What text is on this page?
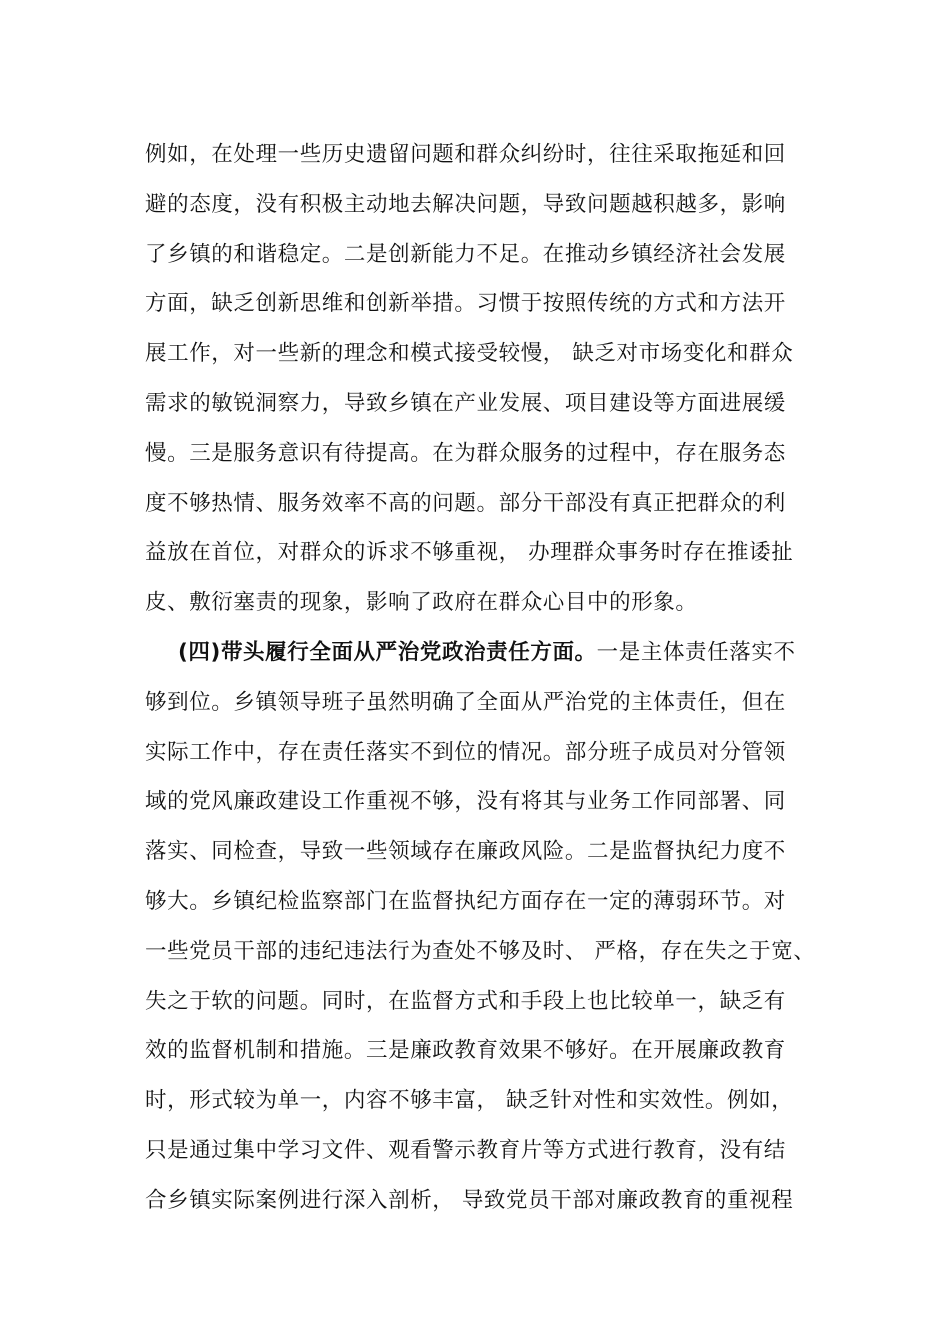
例如，在处理一些历史遗留问题和群众纠纷时，往往采取拖延和回
避的态度，没有积极主动地去解决问题，导致问题越积越多，影响
了乡镇的和谐稳定。二是创新能力不足。在推动乡镇经济社会发展
方面，缺乏创新思维和创新举措。习惯于按照传统的方式和方法开
展工作，对一些新的理念和模式接受较慢， 缺乏对市场变化和群众
需求的敏锐洞察力，导致乡镇在产业发展、项目建设等方面进展缓
慢。三是服务意识有待提高。在为群众服务的过程中，存在服务态
度不够热情、服务效率不高的问题。部分干部没有真正把群众的利
益放在首位，对群众的诉求不够重视， 办理群众事务时存在推诿扯
皮、敷衍塞责的现象，影响了政府在群众心目中的形象。
(四)带头履行全面从严治党政治责任方面。一是主体责任落实不
够到位。乡镇领导班子虽然明确了全面从严治党的主体责任，但在
实际工作中，存在责任落实不到位的情况。部分班子成员对分管领
域的党风廉政建设工作重视不够，没有将其与业务工作同部署、同
落实、同检查，导致一些领域存在廉政风险。二是监督执纪力度不
够大。乡镇纪检监察部门在监督执纪方面存在一定的薄弱环节。对
一些党员干部的违纪违法行为查处不够及时、 严格，存在失之于宽、
失之于软的问题。同时，在监督方式和手段上也比较单一，缺乏有
效的监督机制和措施。三是廉政教育效果不够好。在开展廉政教育
时，形式较为单一，内容不够丰富， 缺乏针对性和实效性。例如，
只是通过集中学习文件、观看警示教育片等方式进行教育，没有结
合乡镇实际案例进行深入剖析， 导致党员干部对廉政教育的重视程
